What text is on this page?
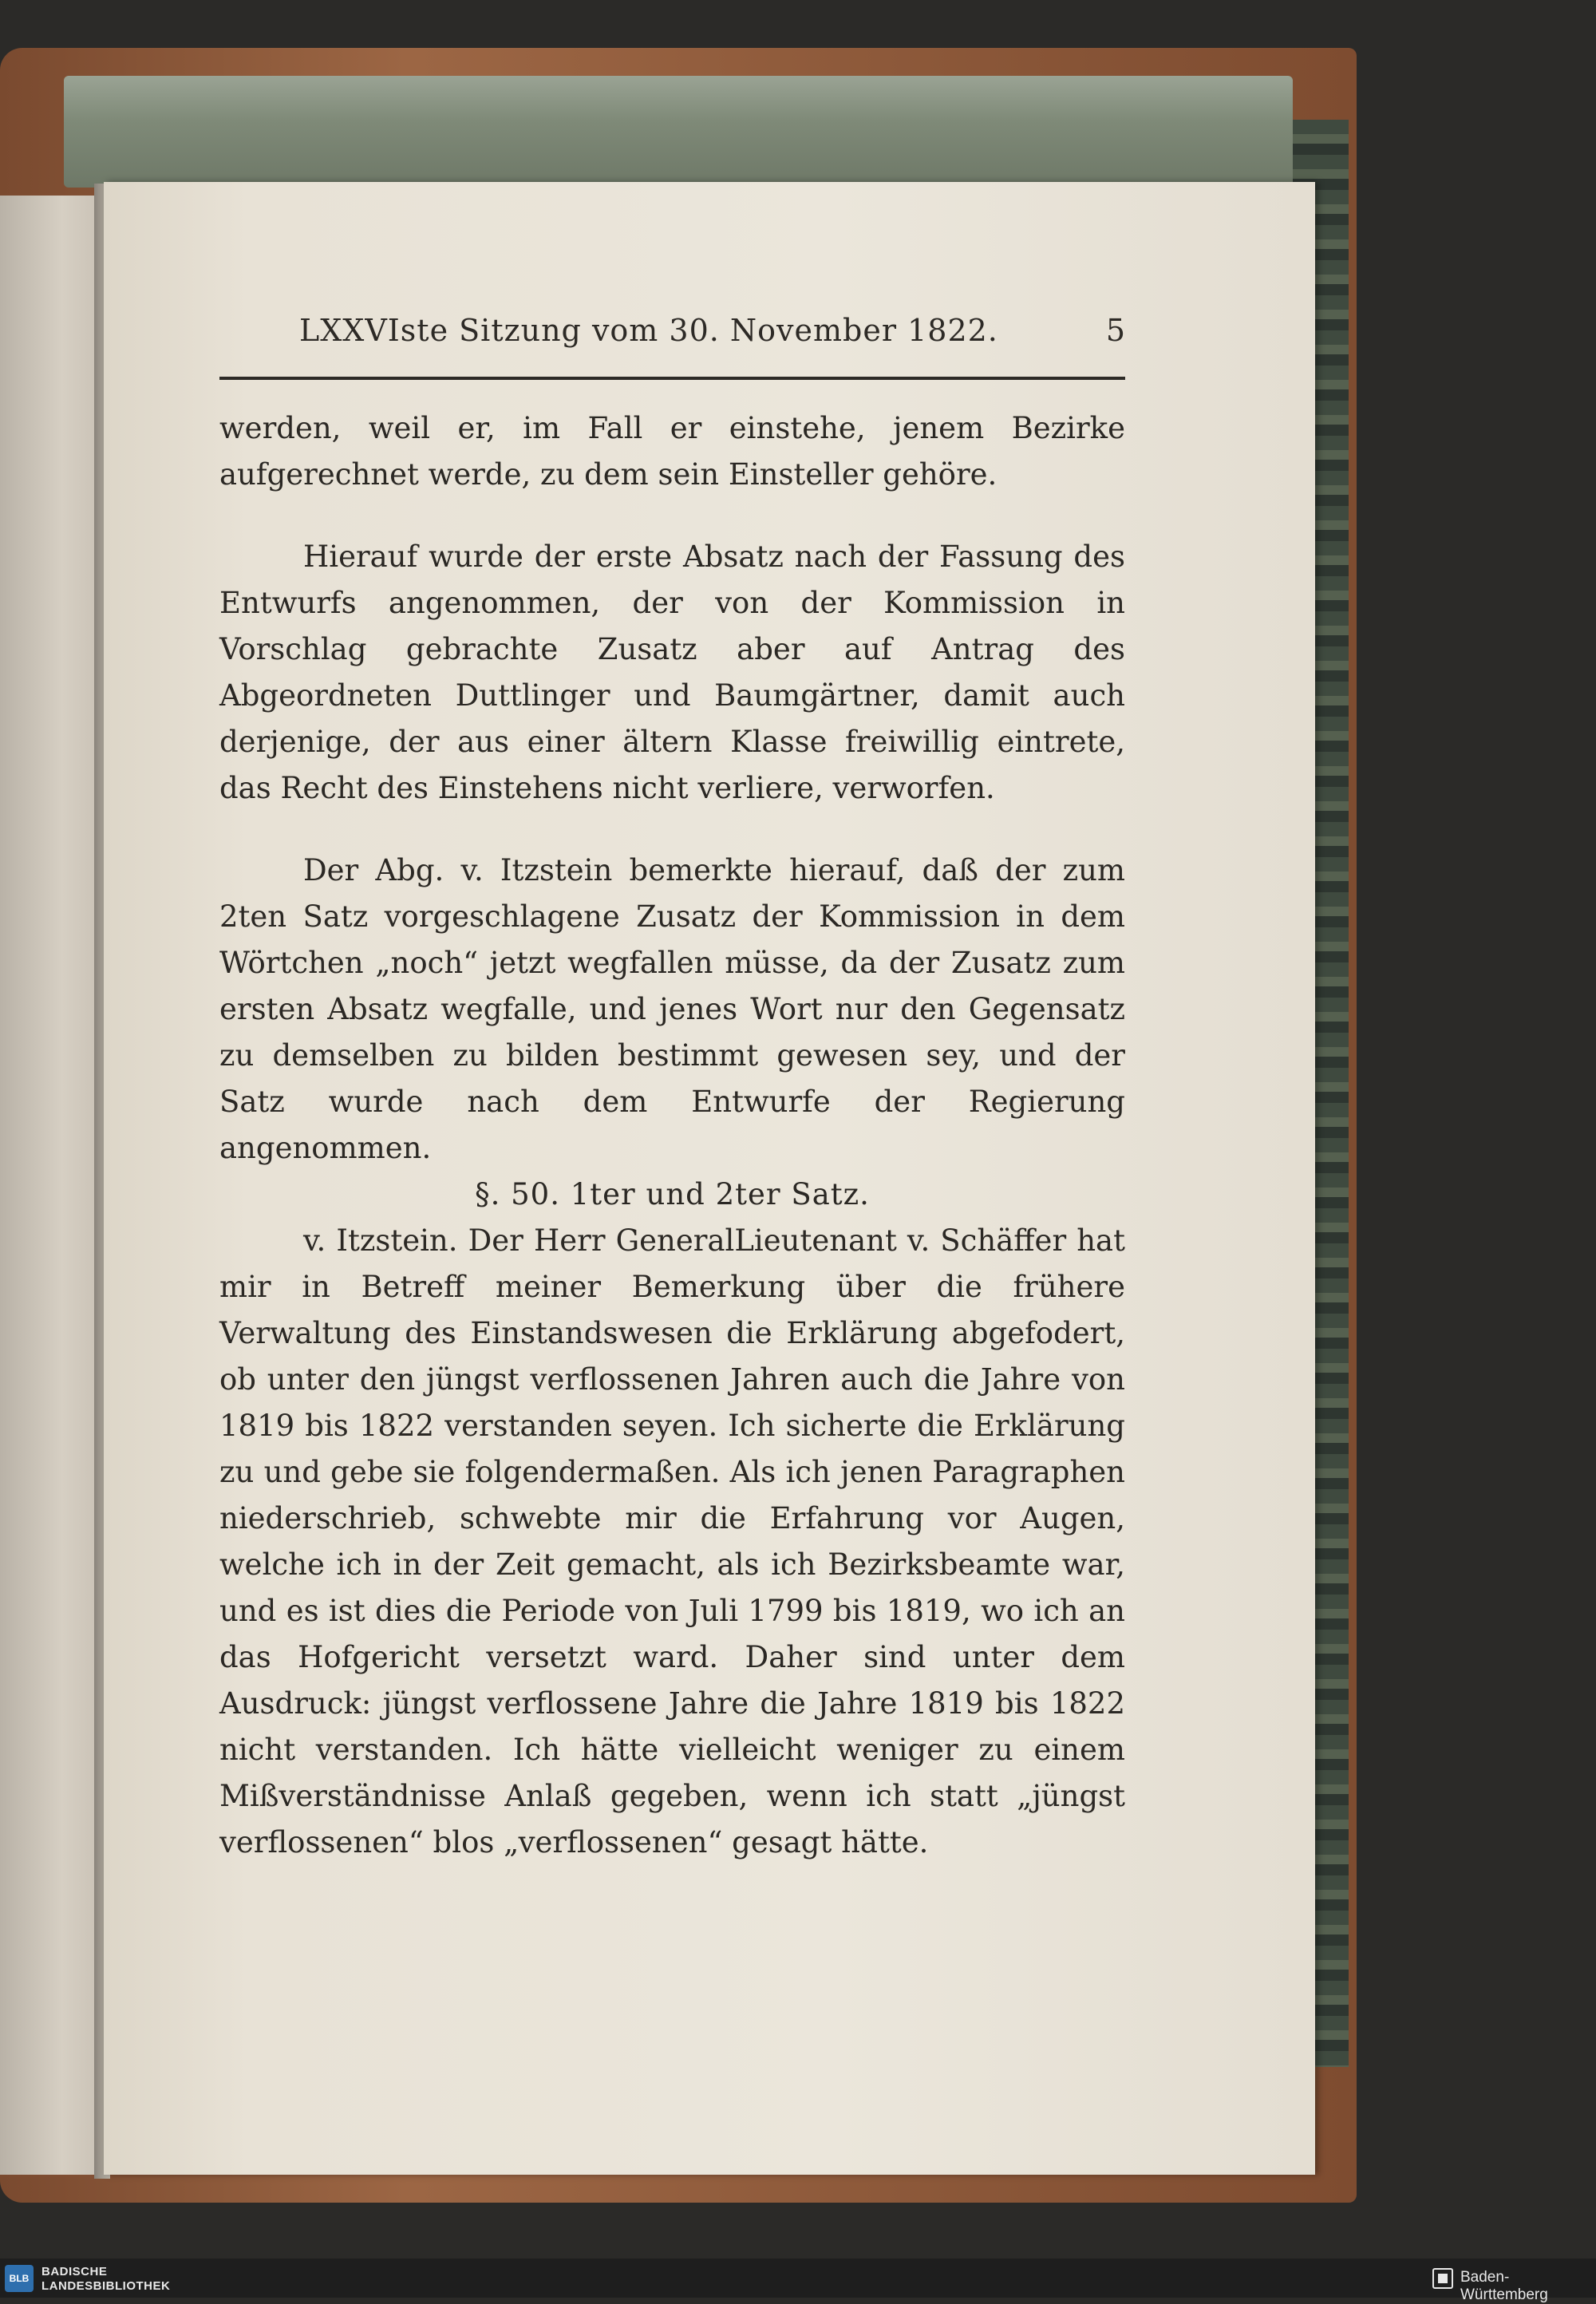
LXXVIste Sitzung vom 30. November 1822.	5

werden, weil er, im Fall er einstehe, jenem Bezirke aufgerechnet werde, zu dem sein Einsteller gehöre.

Hierauf wurde der erste Absatz nach der Fassung des Entwurfs angenommen, der von der Kommission in Vorschlag gebrachte Zusatz aber auf Antrag des Abgeordneten Duttlinger und Baumgärtner, damit auch derjenige, der aus einer ältern Klasse freiwillig eintrete, das Recht des Einstehens nicht verliere, verworfen.

Der Abg. v. Itzstein bemerkte hierauf, daß der zum 2ten Satz vorgeschlagene Zusatz der Kommission in dem Wörtchen „noch“ jetzt wegfallen müsse, da der Zusatz zum ersten Absatz wegfalle, und jenes Wort nur den Gegensatz zu demselben zu bilden bestimmt gewesen sey, und der Satz wurde nach dem Entwurfe der Regierung angenommen.

§. 50. 1ter und 2ter Satz.

v. Itzstein. Der Herr GeneralLieutenant v. Schäffer hat mir in Betreff meiner Bemerkung über die frühere Verwaltung des Einstandswesen die Erklärung abgefodert, ob unter den jüngst verflossenen Jahren auch die Jahre von 1819 bis 1822 verstanden seyen. Ich sicherte die Erklärung zu und gebe sie folgendermaßen. Als ich jenen Paragraphen niederschrieb, schwebte mir die Erfahrung vor Augen, welche ich in der Zeit gemacht, als ich Bezirksbeamte war, und es ist dies die Periode von Juli 1799 bis 1819, wo ich an das Hofgericht versetzt ward. Daher sind unter dem Ausdruck: jüngst verflossene Jahre die Jahre 1819 bis 1822 nicht verstanden. Ich hätte vielleicht weniger zu einem Mißverständnisse Anlaß gegeben, wenn ich statt „jüngst verflossenen“ blos „verflossenen“ gesagt hätte.

BLB	BADISCHE
LANDESBIBLIOTHEK
Baden-Württemberg
